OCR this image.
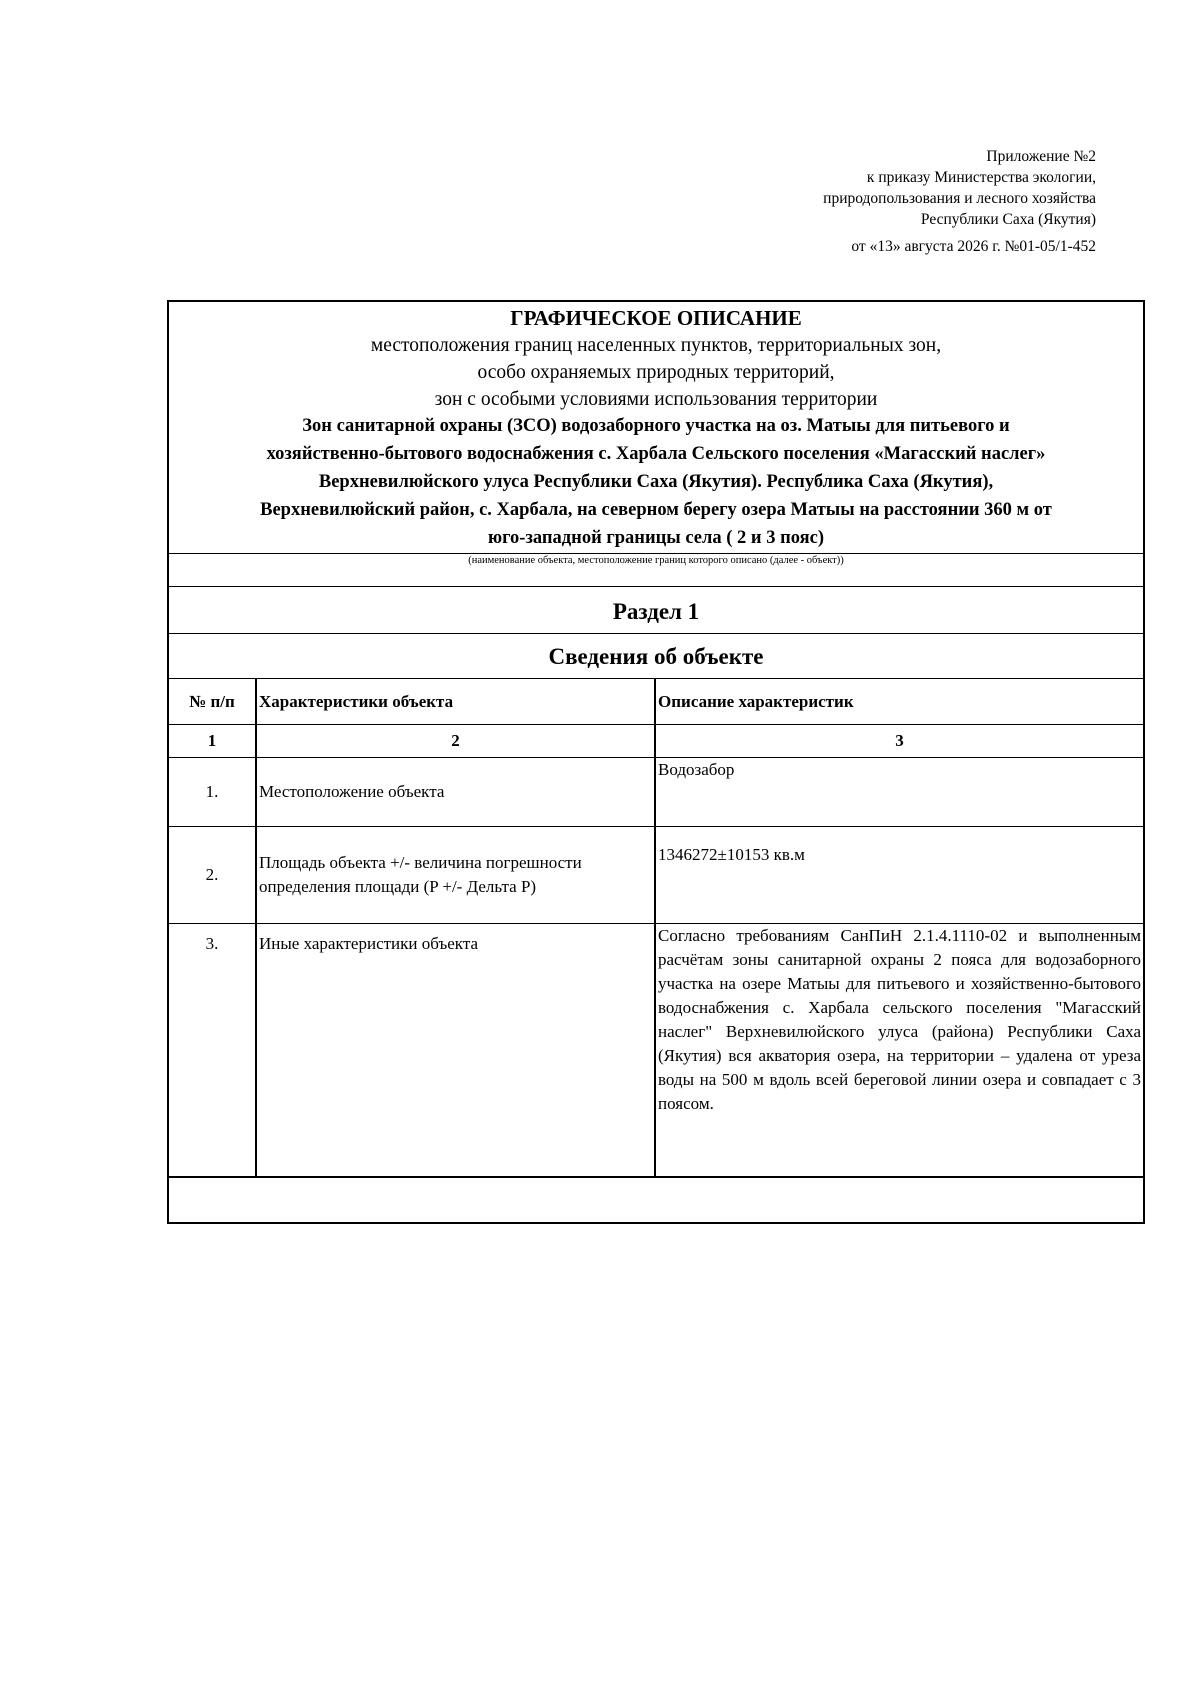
Приложение №2
к приказу Министерства экологии,
природопользования и лесного хозяйства
Республики Саха (Якутия)
от «13» августа 2026 г. №01-05/1-452
ГРАФИЧЕСКОЕ ОПИСАНИЕ
местоположения границ населенных пунктов, территориальных зон,
особо охраняемых природных территорий,
зон с особыми условиями использования территории
Зон санитарной охраны (ЗСО) водозаборного участка на оз. Матыы для питьевого и
хозяйственно-бытового водоснабжения с. Харбала Сельского поселения «Магасский наслег»
Верхневилюйского улуса Республики Саха (Якутия). Республика Саха (Якутия),
Верхневилюйский район, с. Харбала, на северном берегу озера Матыы на расстоянии 360 м от
юго-западной границы села ( 2 и 3 пояс)
(наименование объекта, местоположение границ которого описано (далее - объект))
Раздел 1
Сведения об объекте
№ п/п	Характеристики объекта	Описание характеристик
1	2	3
1.	Местоположение объекта	Водозабор
2.	Площадь объекта +/- величина погрешности определения площади (P +/- Дельта P)	1346272±10153 кв.м
3.	Иные характеристики объекта	Согласно требованиям СанПиН 2.1.4.1110-02 и выполненным расчётам зоны санитарной охраны 2 пояса для водозаборного участка на озере Матыы для питьевого и хозяйственно-бытового водоснабжения с. Харбала сельского поселения "Магасский наслег" Верхневилюйского улуса (района) Республики Саха (Якутия) вся акватория озера, на территории – удалена от уреза воды на 500 м вдоль всей береговой линии озера и совпадает с 3 поясом.
